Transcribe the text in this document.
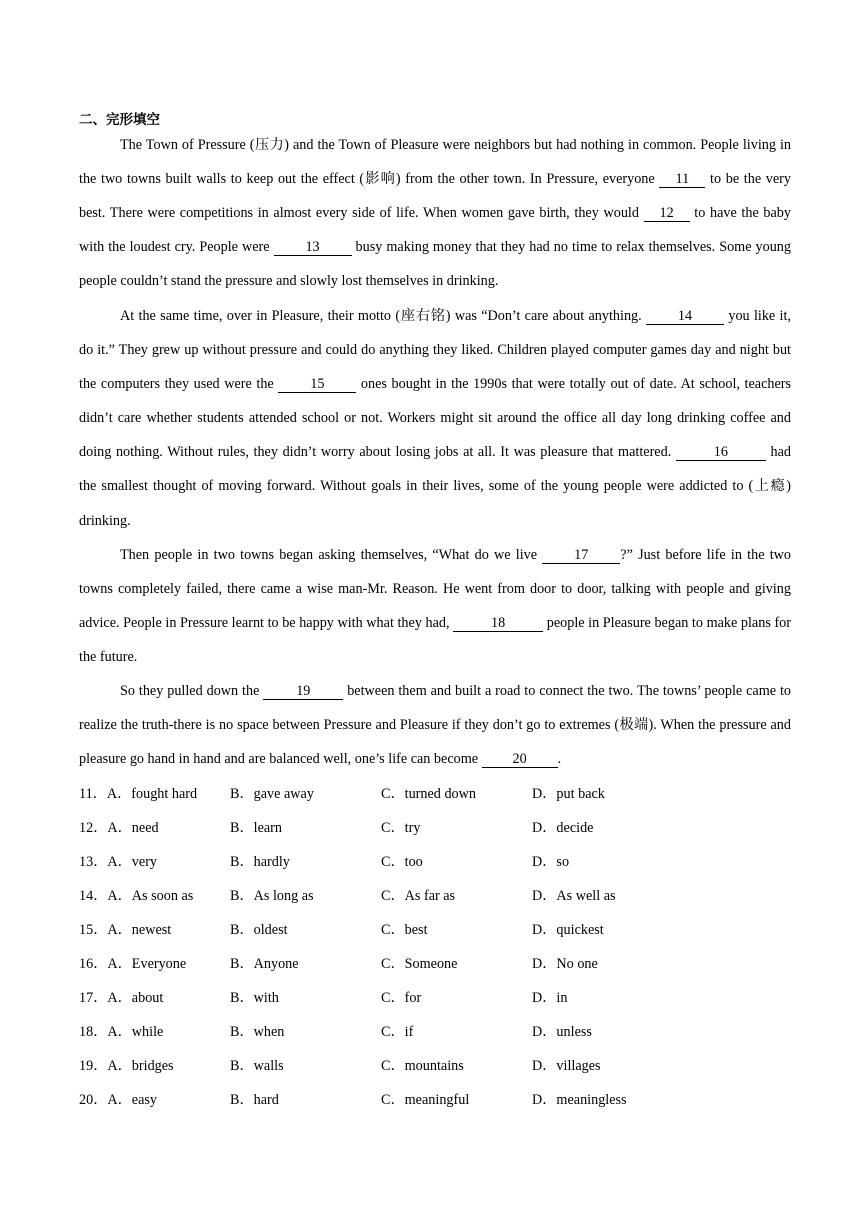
二、完形填空

The Town of Pressure (压力) and the Town of Pleasure were neighbors but had nothing in common. People living in the two towns built walls to keep out the effect (影响) from the other town. In Pressure, everyone 11 to be the very best. There were competitions in almost every side of life. When women gave birth, they would 12 to have the baby with the loudest cry. People were 13 busy making money that they had no time to relax themselves. Some young people couldn’t stand the pressure and slowly lost themselves in drinking.

At the same time, over in Pleasure, their motto (座右铭) was “Don’t care about anything. 14 you like it, do it.” They grew up without pressure and could do anything they liked. Children played computer games day and night but the computers they used were the 15 ones bought in the 1990s that were totally out of date. At school, teachers didn’t care whether students attended school or not. Workers might sit around the office all day long drinking coffee and doing nothing. Without rules, they didn’t worry about losing jobs at all. It was pleasure that mattered.	16	had the smallest thought of moving forward. Without goals in their lives, some of the young people were addicted to (上瘾) drinking.

Then people in two towns began asking themselves, “What do we live 17 ?” Just before life in the two towns completely failed, there came a wise man-Mr. Reason. He went from door to door, talking with people and giving advice. People in Pressure learnt to be happy with what they had,	18	people in Pleasure began to make plans for the future.

So they pulled down the 19 between them and built a road to connect the two. The towns’ people came to realize the truth-there is no space between Pressure and Pleasure if they don’t go to extremes (极端). When the pressure and pleasure go hand in hand and are balanced well, one’s life can become 20 .

11．A．fought hard B．gave away	C．turned down	D．put back
12．A．need	B．learn	C．try	D．decide
13．A．very	B．hardly	C．too	D．so
14．A．As soon as	B．As long as	C．As far as	D．As well as
15．A．newest	B．oldest	C．best	D．quickest
16．A．Everyone	B．Anyone	C．Someone	D．No one
17．A．about	B．with	C．for	D．in
18．A．while	B．when	C．if	D．unless
19．A．bridges	B．walls	C．mountains	D．villages
20．A．easy	B．hard	C．meaningful	D．meaningless
